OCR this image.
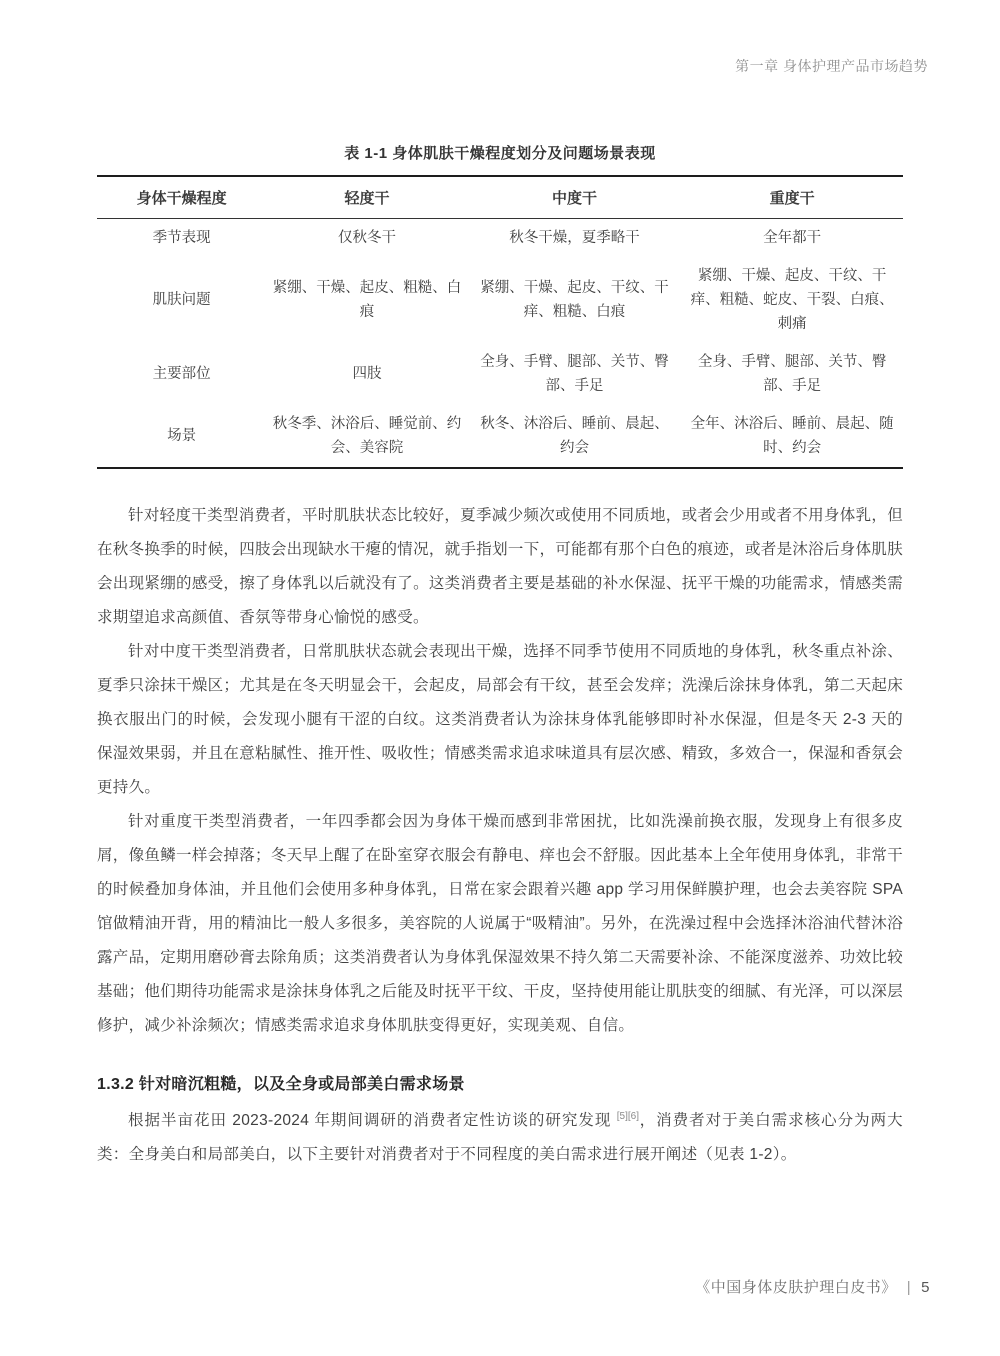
第一章 身体护理产品市场趋势
表 1-1 身体肌肤干燥程度划分及问题场景表现
身体干燥程度	轻度干	中度干	重度干
季节表现	仅秋冬干	秋冬干燥，夏季略干	全年都干
肌肤问题	紧绷、干燥、起皮、粗糙、白痕	紧绷、干燥、起皮、干纹、干痒、粗糙、白痕	紧绷、干燥、起皮、干纹、干痒、粗糙、蛇皮、干裂、白痕、刺痛
主要部位	四肢	全身、手臂、腿部、关节、臀部、手足	全身、手臂、腿部、关节、臀部、手足
场景	秋冬季、沐浴后、睡觉前、约会、美容院	秋冬、沐浴后、睡前、晨起、约会	全年、沐浴后、睡前、晨起、随时、约会

针对轻度干类型消费者，平时肌肤状态比较好，夏季减少频次或使用不同质地，或者会少用或者不用身体乳，但在秋冬换季的时候，四肢会出现缺水干瘪的情况，就手指划一下，可能都有那个白色的痕迹，或者是沐浴后身体肌肤会出现紧绷的感受，擦了身体乳以后就没有了。这类消费者主要是基础的补水保湿、抚平干燥的功能需求，情感类需求期望追求高颜值、香氛等带身心愉悦的感受。

针对中度干类型消费者，日常肌肤状态就会表现出干燥，选择不同季节使用不同质地的身体乳，秋冬重点补涂、夏季只涂抹干燥区；尤其是在冬天明显会干，会起皮，局部会有干纹，甚至会发痒；洗澡后涂抹身体乳，第二天起床换衣服出门的时候，会发现小腿有干涩的白纹。这类消费者认为涂抹身体乳能够即时补水保湿，但是冬天 2-3 天的保湿效果弱，并且在意粘腻性、推开性、吸收性；情感类需求追求味道具有层次感、精致，多效合一，保湿和香氛会更持久。

针对重度干类型消费者，一年四季都会因为身体干燥而感到非常困扰，比如洗澡前换衣服，发现身上有很多皮屑，像鱼鳞一样会掉落；冬天早上醒了在卧室穿衣服会有静电、痒也会不舒服。因此基本上全年使用身体乳，非常干的时候叠加身体油，并且他们会使用多种身体乳，日常在家会跟着兴趣 app 学习用保鲜膜护理，也会去美容院 SPA 馆做精油开背，用的精油比一般人多很多，美容院的人说属于“吸精油”。另外，在洗澡过程中会选择沐浴油代替沐浴露产品，定期用磨砂膏去除角质；这类消费者认为身体乳保湿效果不持久第二天需要补涂、不能深度滋养、功效比较基础；他们期待功能需求是涂抹身体乳之后能及时抚平干纹、干皮，坚持使用能让肌肤变的细腻、有光泽，可以深层修护，减少补涂频次；情感类需求追求身体肌肤变得更好，实现美观、自信。

1.3.2 针对暗沉粗糙，以及全身或局部美白需求场景

根据半亩花田 2023-2024 年期间调研的消费者定性访谈的研究发现 [5][6]，消费者对于美白需求核心分为两大类：全身美白和局部美白，以下主要针对消费者对于不同程度的美白需求进行展开阐述（见表 1-2）。

《中国身体皮肤护理白皮书》 | 5
